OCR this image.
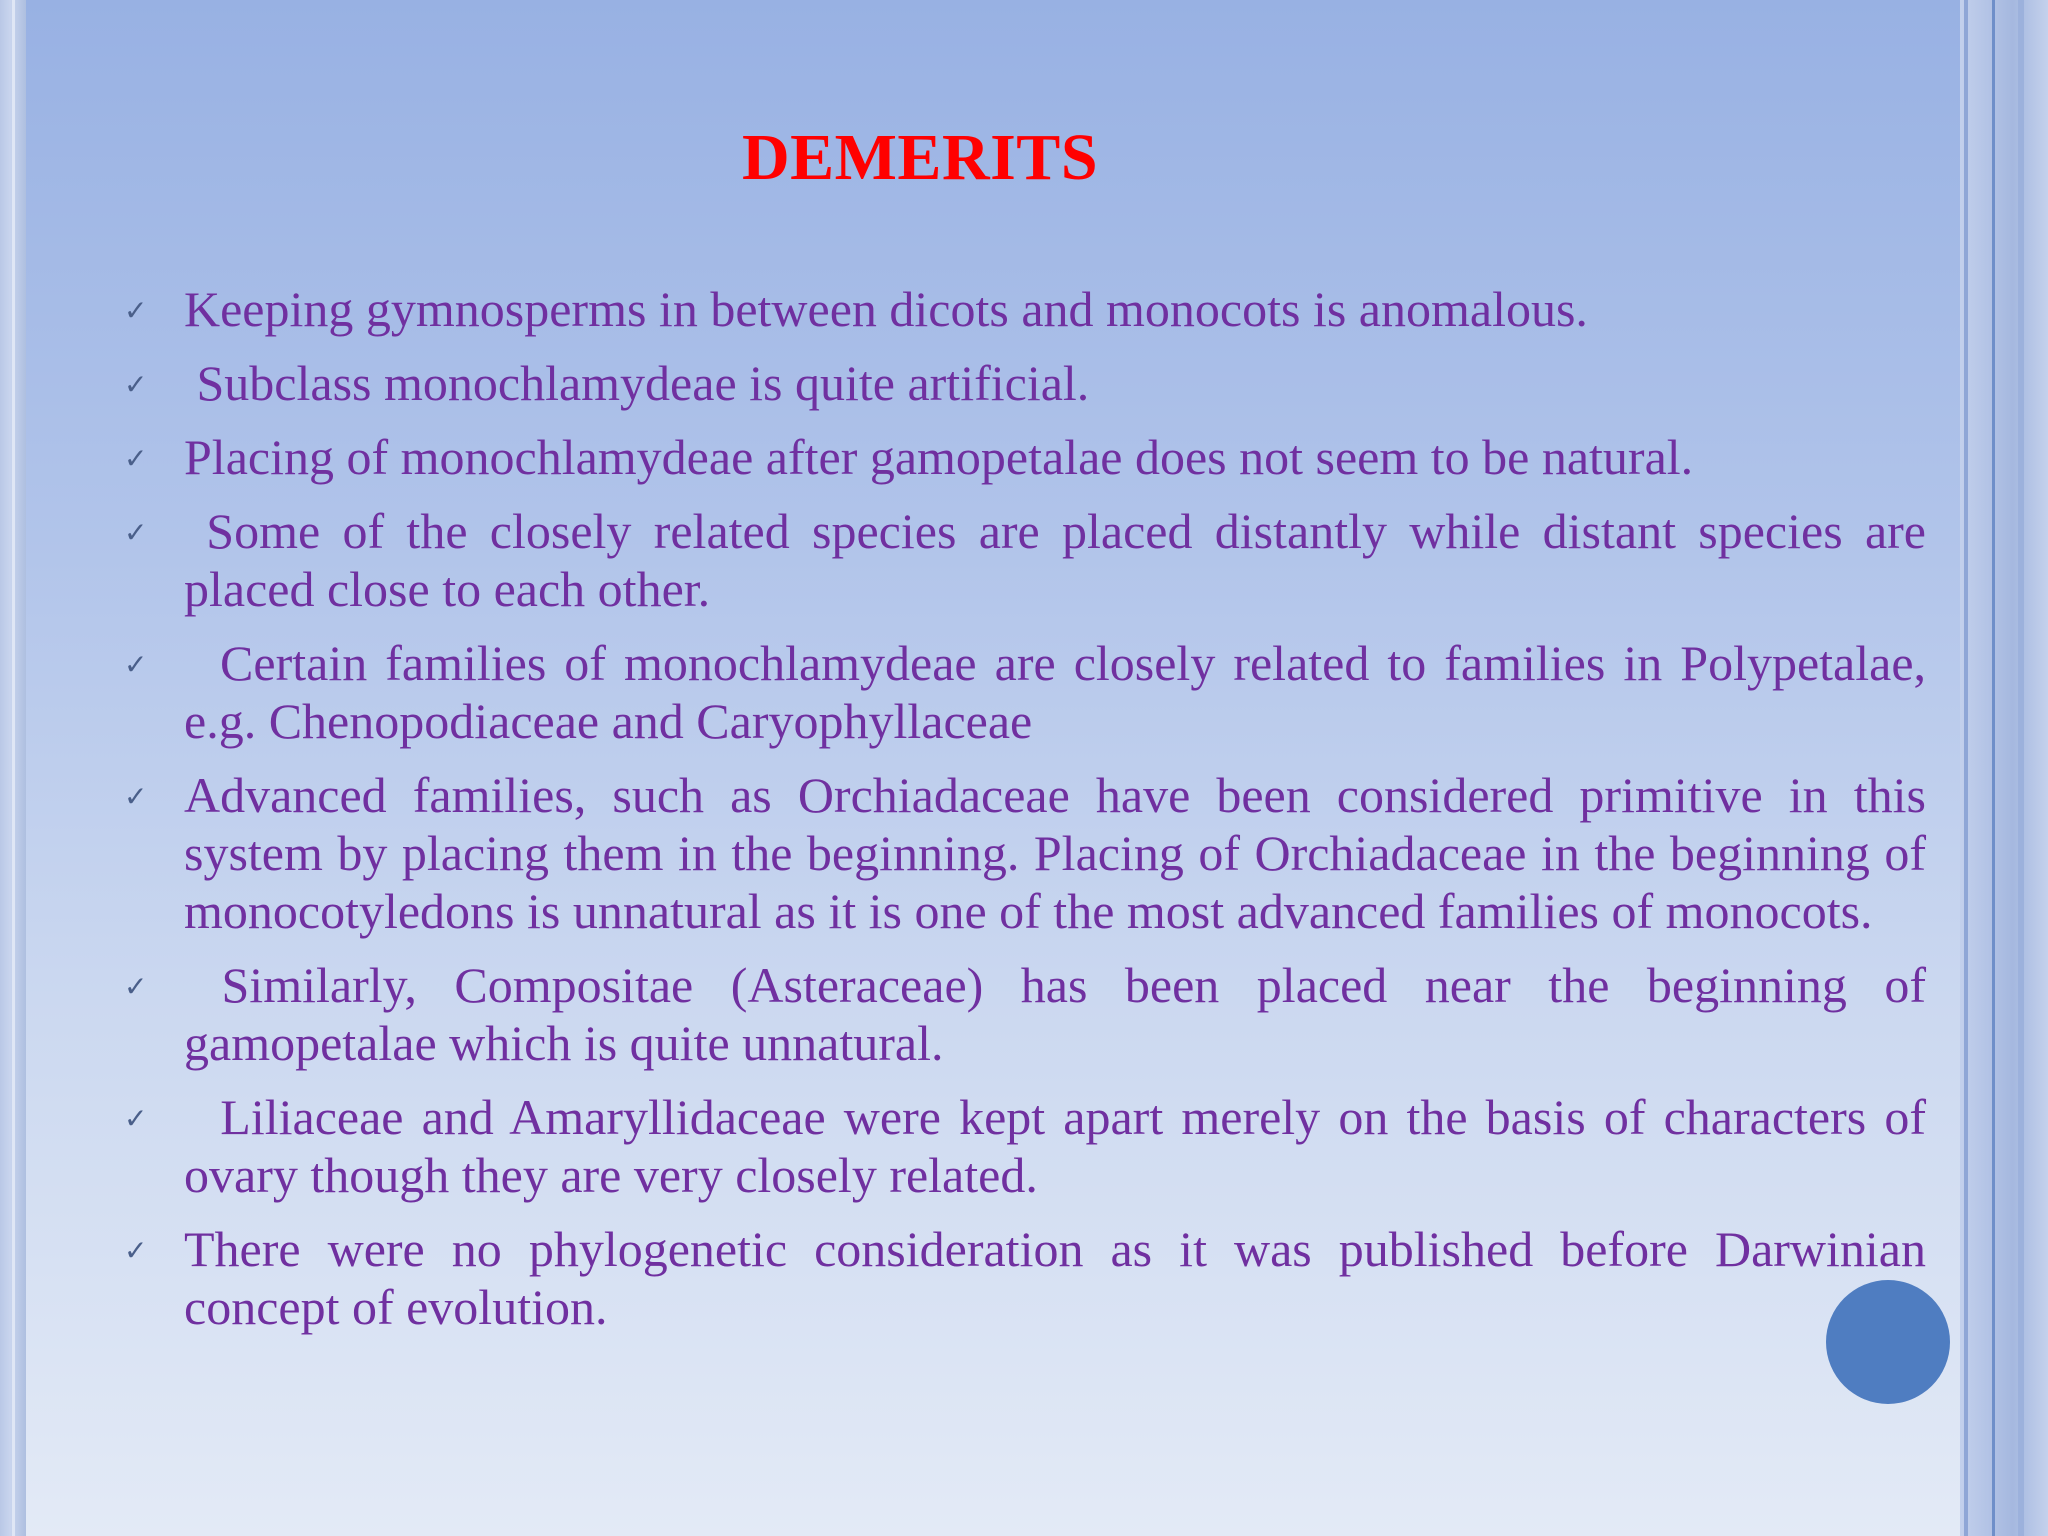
DEMERITS
✓ Keeping gymnosperms in between dicots and monocots is anomalous.
✓ Subclass monochlamydeae is quite artificial.
✓ Placing of monochlamydeae after gamopetalae does not seem to be natural.
✓ Some of the closely related species are placed distantly while distant species are placed close to each other.
✓ Certain families of monochlamydeae are closely related to families in Polypetalae, e.g. Chenopodiaceae and Caryophyllaceae
✓ Advanced families, such as Orchiadaceae have been considered primitive in this system by placing them in the beginning. Placing of Orchiadaceae in the beginning of monocotyledons is unnatural as it is one of the most advanced families of monocots.
✓ Similarly, Compositae (Asteraceae) has been placed near the beginning of gamopetalae which is quite unnatural.
✓ Liliaceae and Amaryllidaceae were kept apart merely on the basis of characters of ovary though they are very closely related.
✓ There were no phylogenetic consideration as it was published before Darwinian concept of evolution.
